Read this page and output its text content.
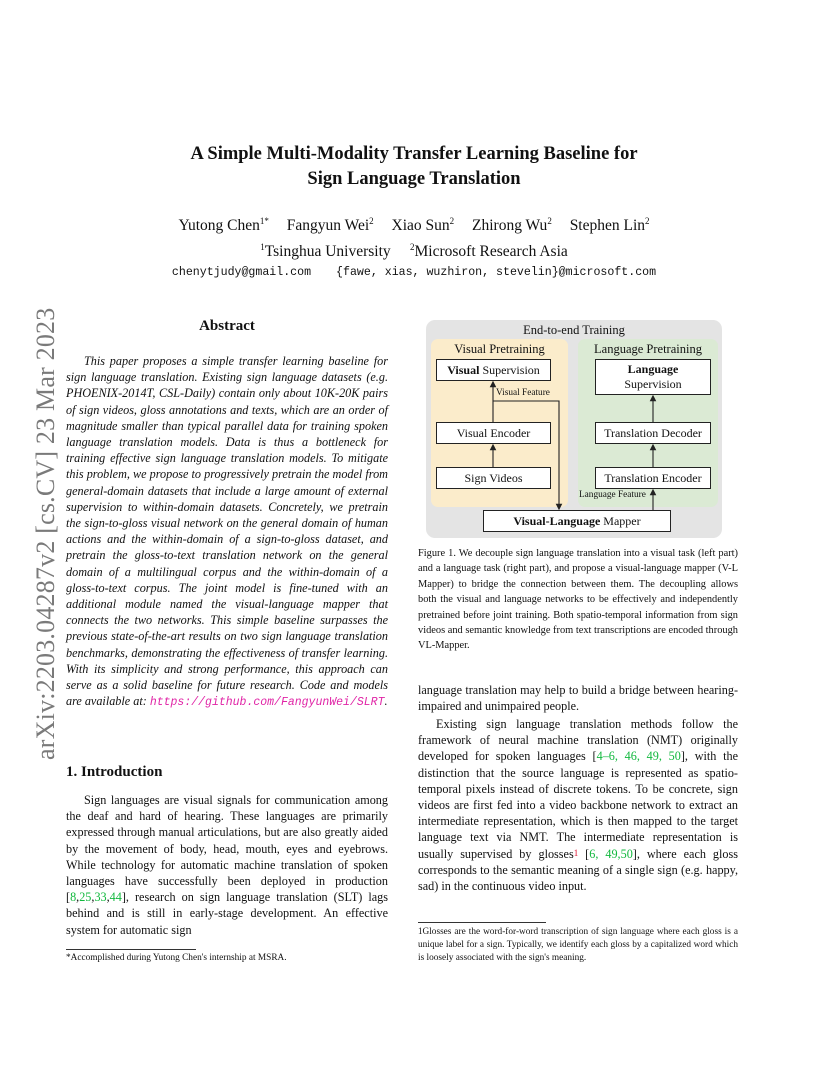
arXiv:2203.04287v2 [cs.CV] 23 Mar 2023
A Simple Multi-Modality Transfer Learning Baseline for
Sign Language Translation
Yutong Chen$^{1*}$ Fangyun Wei$^2$ Xiao Sun$^2$ Zhirong Wu$^2$ Stephen Lin$^2$
$^1$Tsinghua University $^2$Microsoft Research Asia
chenytjudy@gmail.com {fawe, xias, wuzhiron, stevelin}@microsoft.com
Abstract

This paper proposes a simple transfer learning baseline for sign language translation. Existing sign language datasets (e.g. PHOENIX-2014T, CSL-Daily) contain only about 10K-20K pairs of sign videos, gloss annotations and texts, which are an order of magnitude smaller than typical parallel data for training spoken language translation models. Data is thus a bottleneck for training effective sign language translation models. To mitigate this problem, we propose to progressively pretrain the model from general-domain datasets that include a large amount of external supervision to within-domain datasets. Concretely, we pretrain the sign-to-gloss visual network on the general domain of human actions and the within-domain of a sign-to-gloss dataset, and pretrain the gloss-to-text translation network on the general domain of a multilingual corpus and the within-domain of a gloss-to-text corpus. The joint model is fine-tuned with an additional module named the visual-language mapper that connects the two networks. This simple baseline surpasses the previous state-of-the-art results on two sign language translation benchmarks, demonstrating the effectiveness of transfer learning. With its simplicity and strong performance, this approach can serve as a solid baseline for future research. Code and models are available at: https://github.com/FangyunWei/SLRT.

1. Introduction

Sign languages are visual signals for communication among the deaf and hard of hearing. These languages are primarily expressed through manual articulations, but are also greatly aided by the movement of body, head, mouth, eyes and eyebrows. While technology for automatic machine translation of spoken languages have successfully been deployed in production [8,25,33,44], research on sign language translation (SLT) lags behind and is still in early-stage development. An effective system for automatic sign

*Accomplished during Yutong Chen's internship at MSRA.
End-to-end Training
Visual Pretraining	Language Pretraining
Visual Supervision
Visual Encoder
Sign Videos
Visual Feature
Language
Supervision
Translation Decoder
Translation Encoder
Language Feature
Visual-Language Mapper

Figure 1. We decouple sign language translation into a visual task (left part) and a language task (right part), and propose a visual-language mapper (V-L Mapper) to bridge the connection between them. The decoupling allows both the visual and language networks to be effectively and independently pretrained before joint training. Both spatio-temporal information from sign videos and semantic knowledge from text transcriptions are encoded through VL-Mapper.

language translation may help to build a bridge between hearing-impaired and unimpaired people.

Existing sign language translation methods follow the framework of neural machine translation (NMT) originally developed for spoken languages [4–6, 46, 49, 50], with the distinction that the source language is represented as spatio-temporal pixels instead of discrete tokens. To be concrete, sign videos are first fed into a video backbone network to extract an intermediate representation, which is then mapped to the target language text via NMT. The intermediate representation is usually supervised by glosses$^1$ [6, 49,50], where each gloss corresponds to the semantic meaning of a single sign (e.g. happy, sad) in the continuous video input.

$^1$Glosses are the word-for-word transcription of sign language where each gloss is a unique label for a sign. Typically, we identify each gloss by a capitalized word which is loosely associated with the sign's meaning.
